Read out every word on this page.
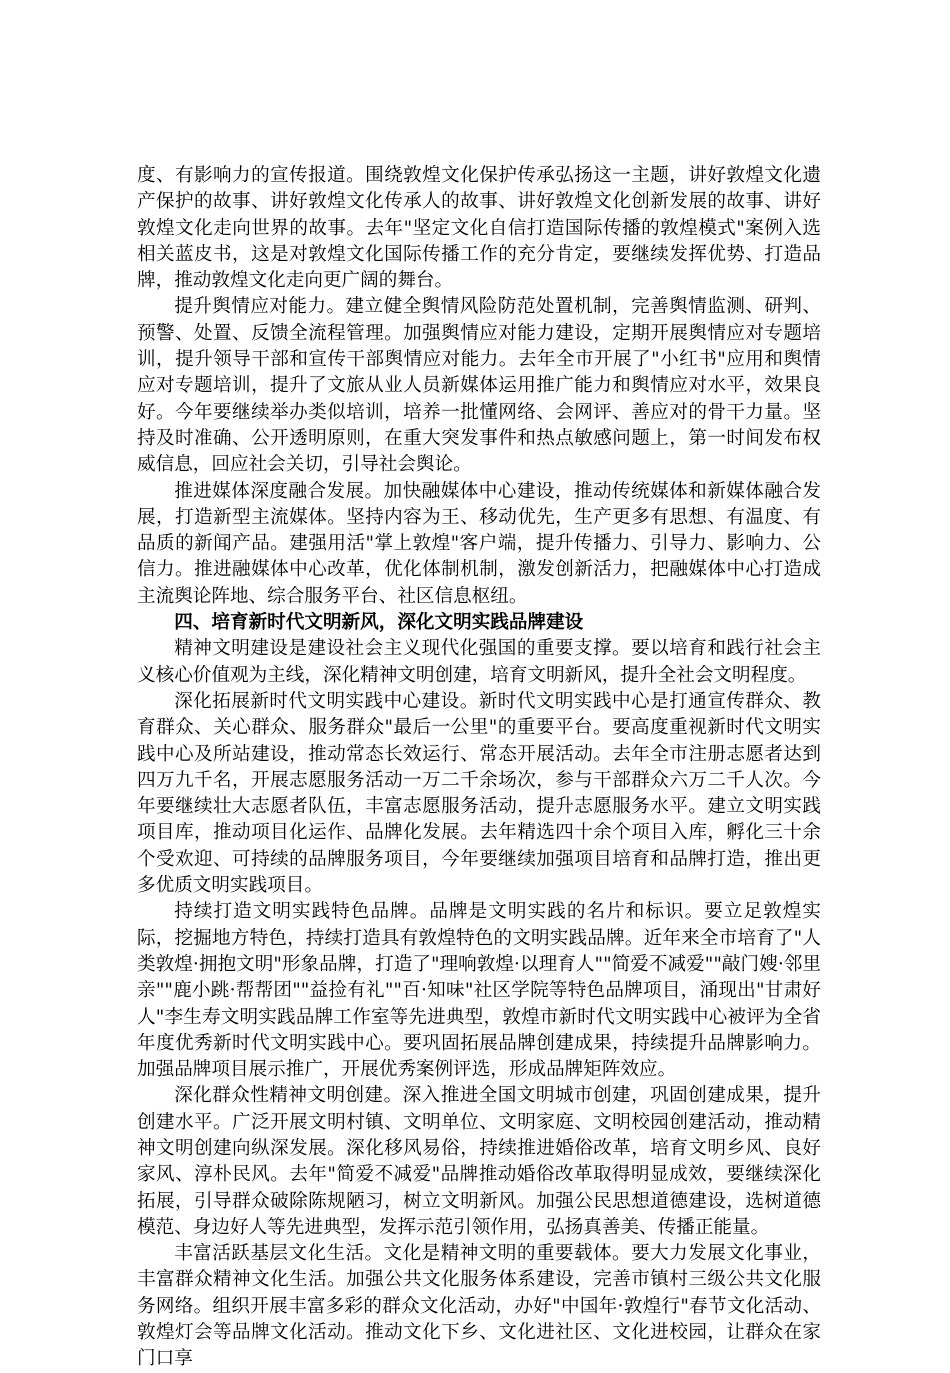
度、有影响力的宣传报道。围绕敦煌文化保护传承弘扬这一主题，讲好敦煌文化遗产保护的故事、讲好敦煌文化传承人的故事、讲好敦煌文化创新发展的故事、讲好敦煌文化走向世界的故事。去年"坚定文化自信打造国际传播的敦煌模式"案例入选相关蓝皮书，这是对敦煌文化国际传播工作的充分肯定，要继续发挥优势、打造品牌，推动敦煌文化走向更广阔的舞台。

提升舆情应对能力。建立健全舆情风险防范处置机制，完善舆情监测、研判、预警、处置、反馈全流程管理。加强舆情应对能力建设，定期开展舆情应对专题培训，提升领导干部和宣传干部舆情应对能力。去年全市开展了"小红书"应用和舆情应对专题培训，提升了文旅从业人员新媒体运用推广能力和舆情应对水平，效果良好。今年要继续举办类似培训，培养一批懂网络、会网评、善应对的骨干力量。坚持及时准确、公开透明原则，在重大突发事件和热点敏感问题上，第一时间发布权威信息，回应社会关切，引导社会舆论。

推进媒体深度融合发展。加快融媒体中心建设，推动传统媒体和新媒体融合发展，打造新型主流媒体。坚持内容为王、移动优先，生产更多有思想、有温度、有品质的新闻产品。建强用活"掌上敦煌"客户端，提升传播力、引导力、影响力、公信力。推进融媒体中心改革，优化体制机制，激发创新活力，把融媒体中心打造成主流舆论阵地、综合服务平台、社区信息枢纽。

四、培育新时代文明新风，深化文明实践品牌建设

精神文明建设是建设社会主义现代化强国的重要支撑。要以培育和践行社会主义核心价值观为主线，深化精神文明创建，培育文明新风，提升全社会文明程度。

深化拓展新时代文明实践中心建设。新时代文明实践中心是打通宣传群众、教育群众、关心群众、服务群众"最后一公里"的重要平台。要高度重视新时代文明实践中心及所站建设，推动常态长效运行、常态开展活动。去年全市注册志愿者达到四万九千名，开展志愿服务活动一万二千余场次，参与干部群众六万二千人次。今年要继续壮大志愿者队伍，丰富志愿服务活动，提升志愿服务水平。建立文明实践项目库，推动项目化运作、品牌化发展。去年精选四十余个项目入库，孵化三十余个受欢迎、可持续的品牌服务项目，今年要继续加强项目培育和品牌打造，推出更多优质文明实践项目。

持续打造文明实践特色品牌。品牌是文明实践的名片和标识。要立足敦煌实际，挖掘地方特色，持续打造具有敦煌特色的文明实践品牌。近年来全市培育了"人类敦煌·拥抱文明"形象品牌，打造了"理响敦煌·以理育人""简爱不减爱""敲门嫂·邻里亲""鹿小跳·帮帮团""益捡有礼""百·知味"社区学院等特色品牌项目，涌现出"甘肃好人"李生寿文明实践品牌工作室等先进典型，敦煌市新时代文明实践中心被评为全省年度优秀新时代文明实践中心。要巩固拓展品牌创建成果，持续提升品牌影响力。加强品牌项目展示推广，开展优秀案例评选，形成品牌矩阵效应。

深化群众性精神文明创建。深入推进全国文明城市创建，巩固创建成果，提升创建水平。广泛开展文明村镇、文明单位、文明家庭、文明校园创建活动，推动精神文明创建向纵深发展。深化移风易俗，持续推进婚俗改革，培育文明乡风、良好家风、淳朴民风。去年"简爱不减爱"品牌推动婚俗改革取得明显成效，要继续深化拓展，引导群众破除陈规陋习，树立文明新风。加强公民思想道德建设，选树道德模范、身边好人等先进典型，发挥示范引领作用，弘扬真善美、传播正能量。

丰富活跃基层文化生活。文化是精神文明的重要载体。要大力发展文化事业，丰富群众精神文化生活。加强公共文化服务体系建设，完善市镇村三级公共文化服务网络。组织开展丰富多彩的群众文化活动，办好"中国年·敦煌行"春节文化活动、敦煌灯会等品牌文化活动。推动文化下乡、文化进社区、文化进校园，让群众在家门口享
